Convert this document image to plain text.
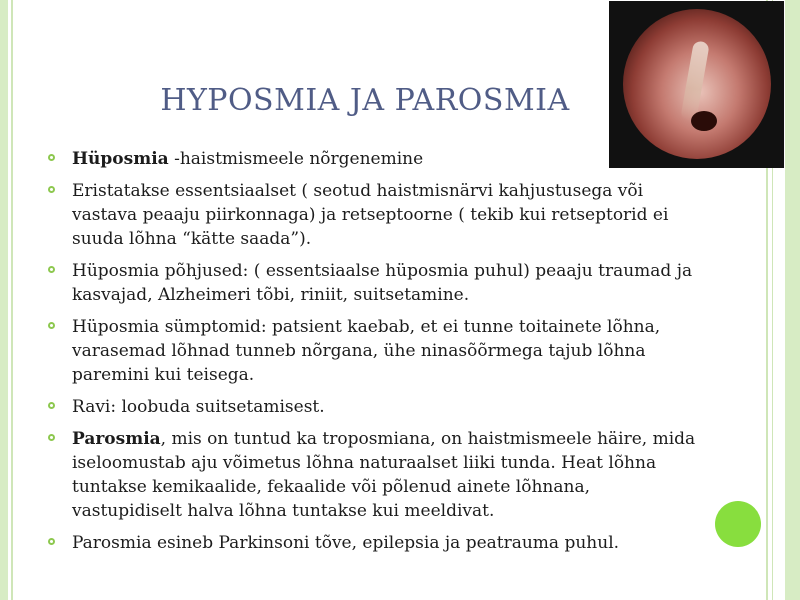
HYPOSMIA JA PAROSMIA
Hüposmia -haistmismeele nõrgenemine
Eristatakse essentsiaalset ( seotud haistmisnärvi kahjustusega või vastava peaaju piirkonnaga) ja retseptoorne ( tekib kui retseptorid ei suuda lõhna “kätte saada”).
Hüposmia põhjused: ( essentsiaalse hüposmia puhul) peaaju traumad ja kasvajad, Alzheimeri tõbi, riniit, suitsetamine.
Hüposmia sümptomid: patsient kaebab, et ei tunne toitainete lõhna, varasemad lõhnad tunneb nõrgana, ühe ninasõõrmega tajub lõhna paremini kui teisega.
Ravi: loobuda suitsetamisest.
Parosmia, mis on tuntud ka troposmiana, on haistmismeele häire, mida iseloomustab aju võimetus lõhna naturaalset liiki tunda. Heat lõhna tuntakse kemikaalide, fekaalide või põlenud ainete lõhnana, vastupidiselt halva lõhna tuntakse kui meeldivat.
Parosmia esineb Parkinsoni tõve, epilepsia ja peatrauma puhul.
